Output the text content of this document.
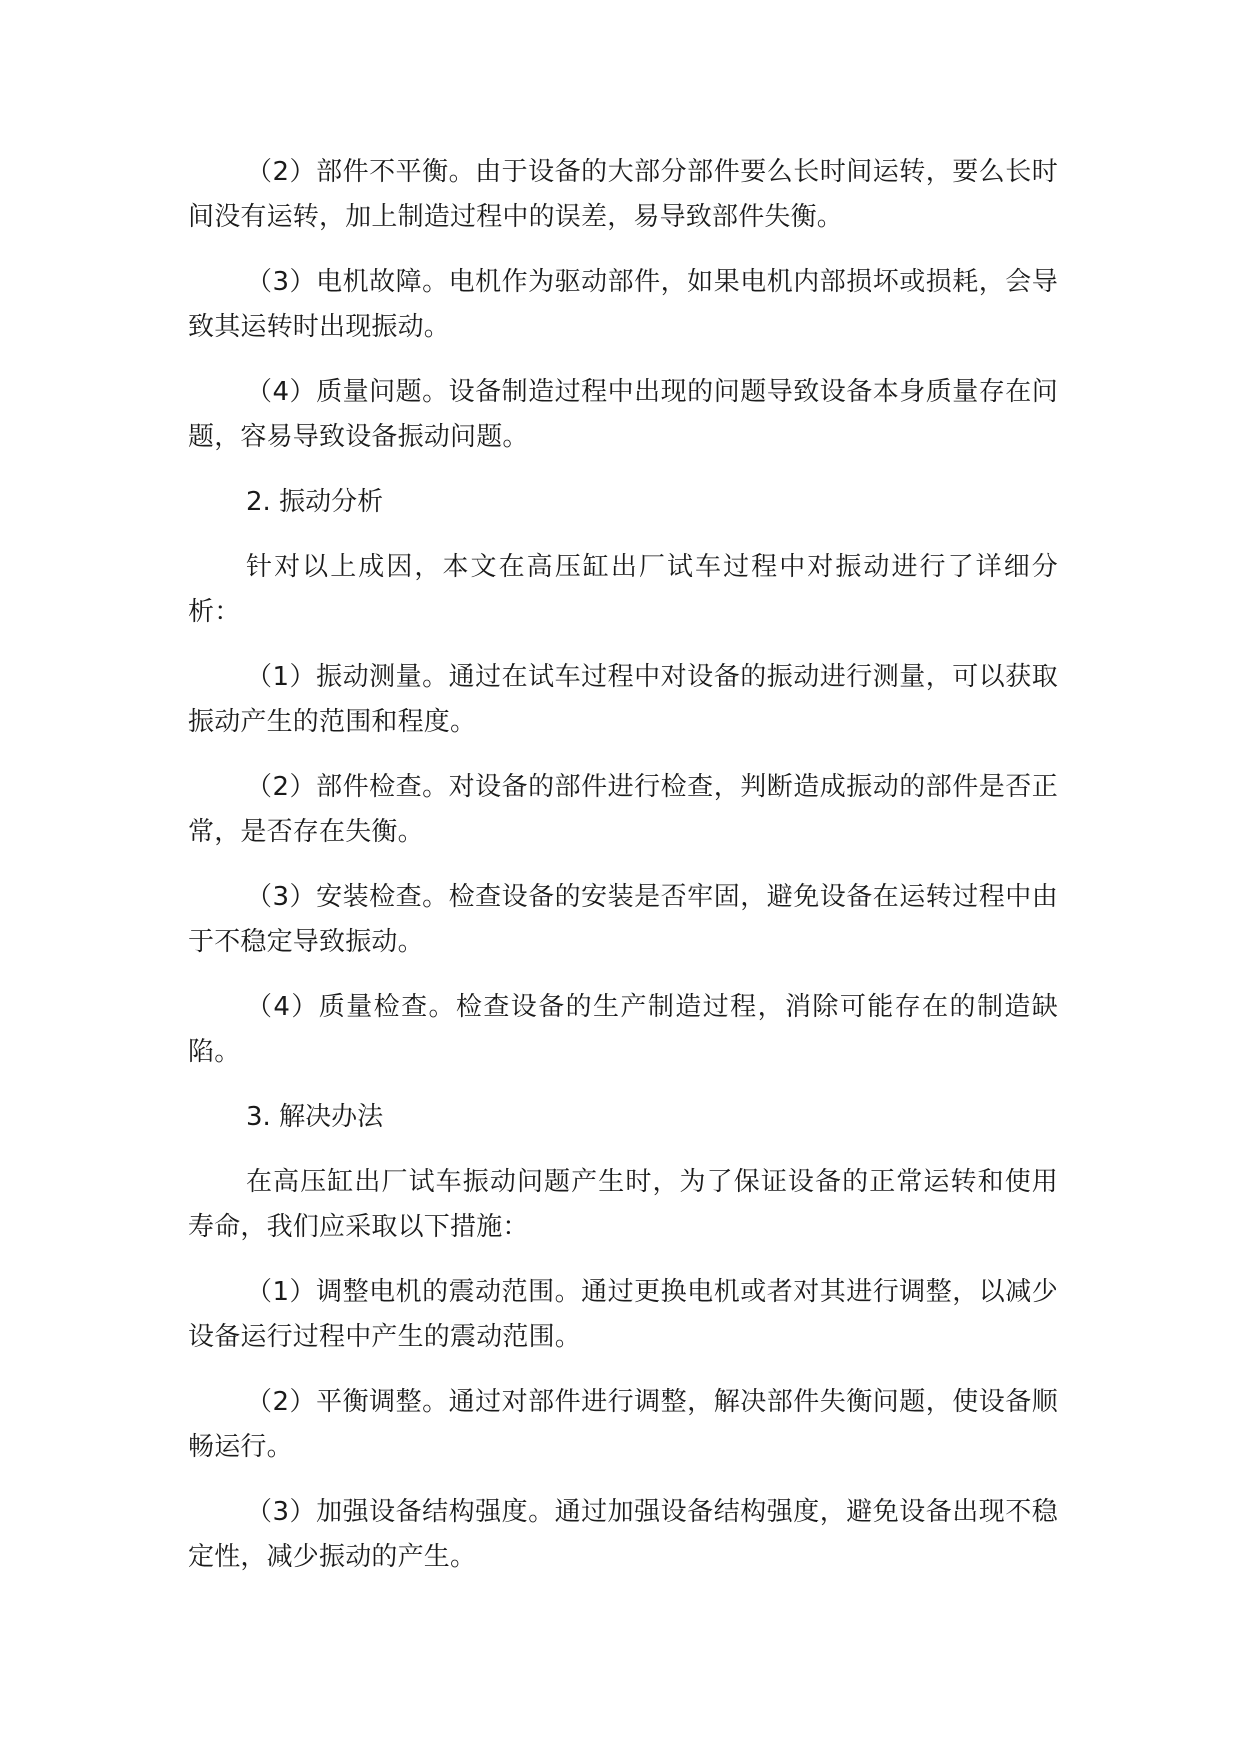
（2）部件不平衡。由于设备的大部分部件要么长时间运转，要么长时间没有运转，加上制造过程中的误差，易导致部件失衡。

（3）电机故障。电机作为驱动部件，如果电机内部损坏或损耗，会导致其运转时出现振动。

（4）质量问题。设备制造过程中出现的问题导致设备本身质量存在问题，容易导致设备振动问题。

2. 振动分析

针对以上成因，本文在高压缸出厂试车过程中对振动进行了详细分析：

（1）振动测量。通过在试车过程中对设备的振动进行测量，可以获取振动产生的范围和程度。

（2）部件检查。对设备的部件进行检查，判断造成振动的部件是否正常，是否存在失衡。

（3）安装检查。检查设备的安装是否牢固，避免设备在运转过程中由于不稳定导致振动。

（4）质量检查。检查设备的生产制造过程，消除可能存在的制造缺陷。

3. 解决办法

在高压缸出厂试车振动问题产生时，为了保证设备的正常运转和使用寿命，我们应采取以下措施：

（1）调整电机的震动范围。通过更换电机或者对其进行调整，以减少设备运行过程中产生的震动范围。

（2）平衡调整。通过对部件进行调整，解决部件失衡问题，使设备顺畅运行。

（3）加强设备结构强度。通过加强设备结构强度，避免设备出现不稳定性，减少振动的产生。
